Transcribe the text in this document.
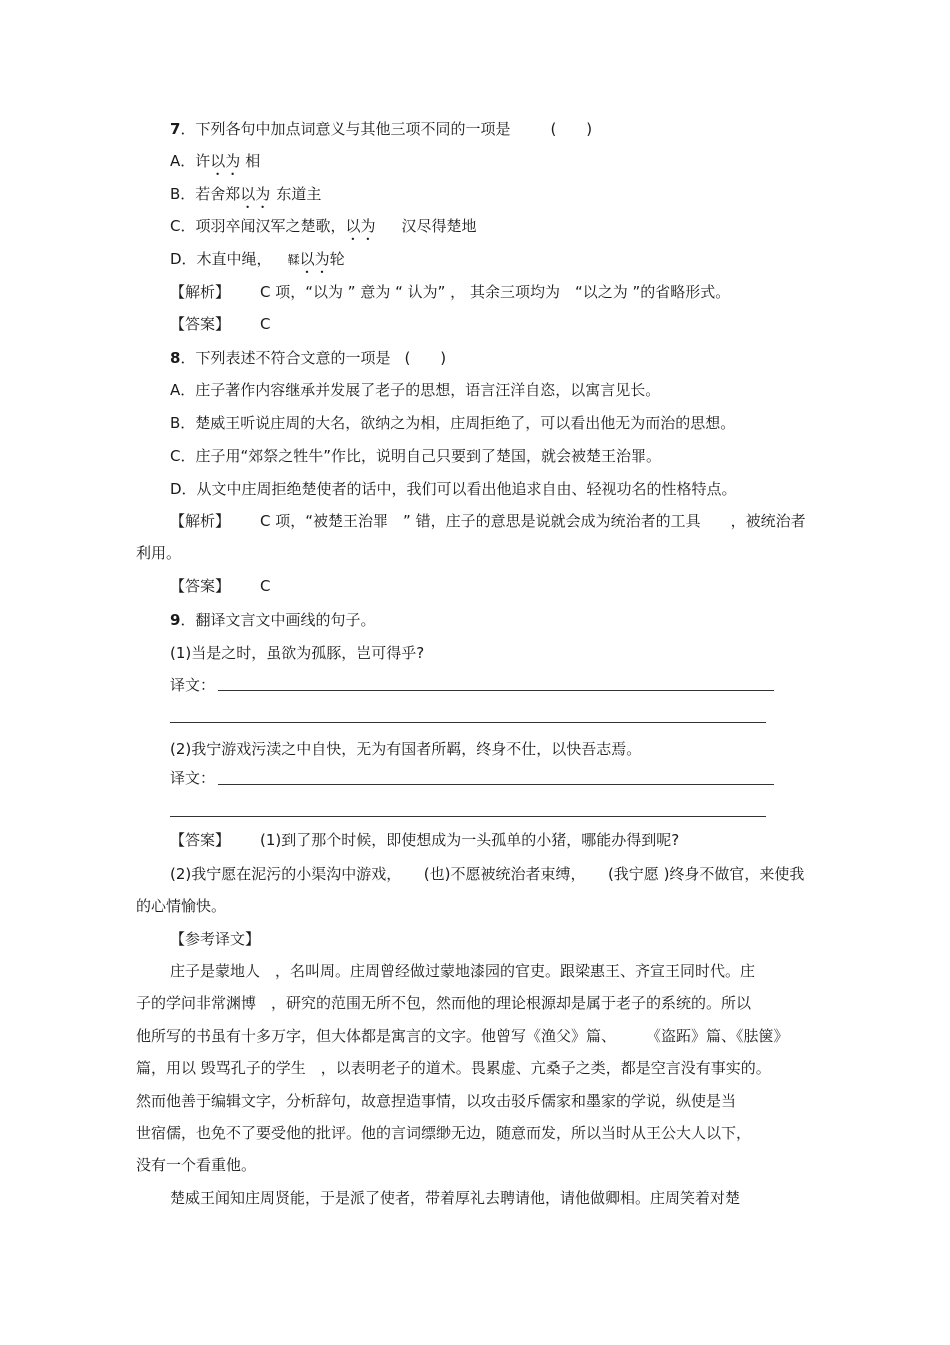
7．下列各句中加点词意义与其他三项不同的一项是	(　　)
A．许以为 相
B．若舍郑以为 东道主
C．项羽卒闻汉军之楚歌，以为 汉尽得楚地
D．木直中绳， 鞣以为轮
【解析】 C 项，“以为 ” 意为 “ 认为” ， 其余三项均为　“以之为 ”的省略形式。
【答案】 C
8．下列表述不符合文意的一项是 (　　)
A．庄子著作内容继承并发展了老子的思想，语言汪洋自恣，以寓言见长。
B．楚威王听说庄周的大名，欲纳之为相，庄周拒绝了，可以看出他无为而治的思想。
C．庄子用“郊祭之牲牛”作比，说明自己只要到了楚国，就会被楚王治罪。
D．从文中庄周拒绝楚使者的话中，我们可以看出他追求自由、轻视功名的性格特点。
【解析】 C 项，“被楚王治罪　” 错，庄子的意思是说就会成为统治者的工具　　，被统治者
利用。
【答案】 C
9．翻译文言文中画线的句子。
(1)当是之时，虽欲为孤豚，岂可得乎?
译文：
(2)我宁游戏污渎之中自快，无为有国者所羁，终身不仕，以快吾志焉。
译文：
【答案】 (1)到了那个时候，即使想成为一头孤单的小猪，哪能办得到呢?
(2)我宁愿在泥污的小渠沟中游戏，　　(也)不愿被统治者束缚，　　(我宁愿 )终身不做官，来使我
的心情愉快。
【参考译文】
庄子是蒙地人　，名叫周。庄周曾经做过蒙地漆园的官吏。跟梁惠王、齐宣王同时代。庄
子的学问非常渊博　，研究的范围无所不包，然而他的理论根源却是属于老子的系统的。所以
他所写的书虽有十多万字，但大体都是寓言的文字。他曾写《渔父》篇、　　　《盗跖》篇、《胠箧》
篇，用以 毁骂孔子的学生　，以表明老子的道术。畏累虚、亢桑子之类，都是空言没有事实的。
然而他善于编辑文字，分析辞句，故意捏造事情，以攻击驳斥儒家和墨家的学说，纵使是当
世宿儒，也免不了要受他的批评。他的言词缥缈无边，随意而发，所以当时从王公大人以下，
没有一个看重他。
楚威王闻知庄周贤能，于是派了使者，带着厚礼去聘请他，请他做卿相。庄周笑着对楚
